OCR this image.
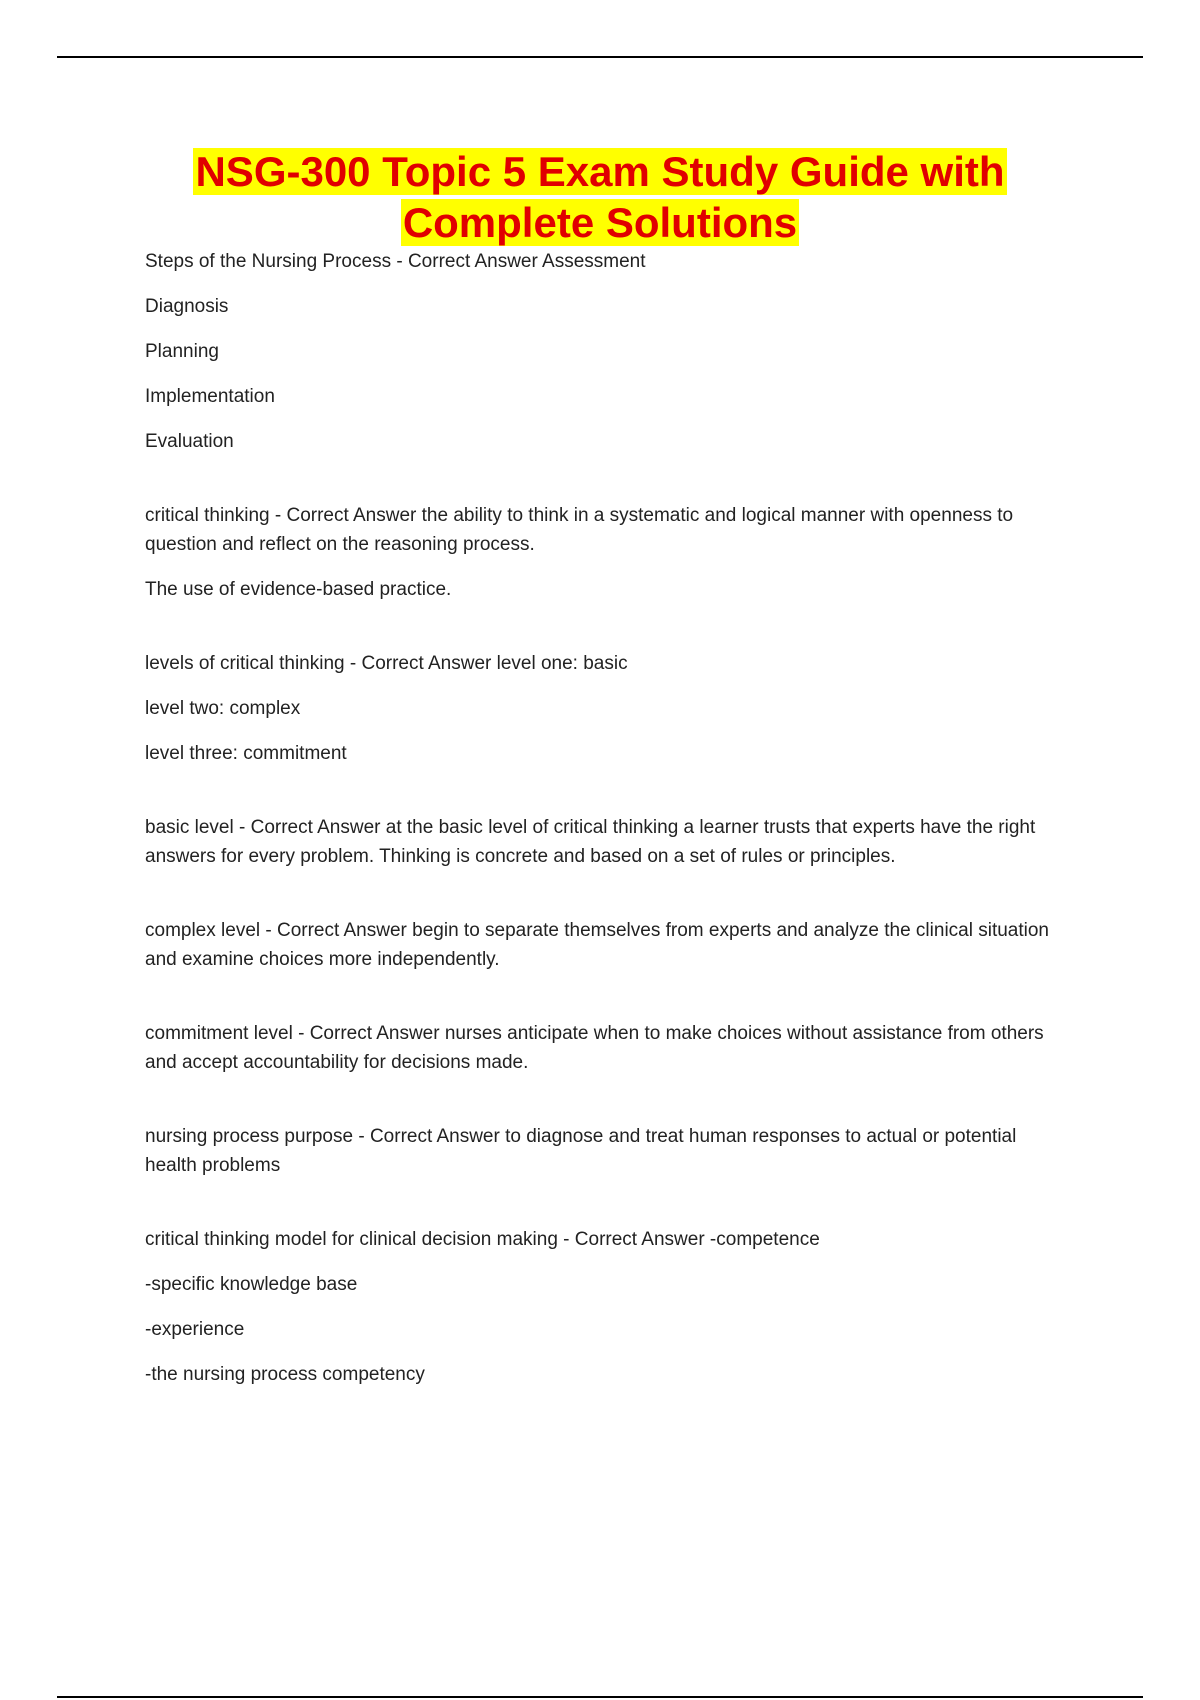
NSG-300 Topic 5 Exam Study Guide with
Complete Solutions

Steps of the Nursing Process - Correct Answer Assessment

Diagnosis

Planning

Implementation

Evaluation

critical thinking - Correct Answer the ability to think in a systematic and logical manner with openness to question and reflect on the reasoning process.

The use of evidence-based practice.

levels of critical thinking - Correct Answer level one: basic

level two: complex

level three: commitment

basic level - Correct Answer at the basic level of critical thinking a learner trusts that experts have the right answers for every problem. Thinking is concrete and based on a set of rules or principles.

complex level - Correct Answer begin to separate themselves from experts and analyze the clinical situation and examine choices more independently.

commitment level - Correct Answer nurses anticipate when to make choices without assistance from others and accept accountability for decisions made.

nursing process purpose - Correct Answer to diagnose and treat human responses to actual or potential health problems

critical thinking model for clinical decision making - Correct Answer -competence

-specific knowledge base

-experience

-the nursing process competency
